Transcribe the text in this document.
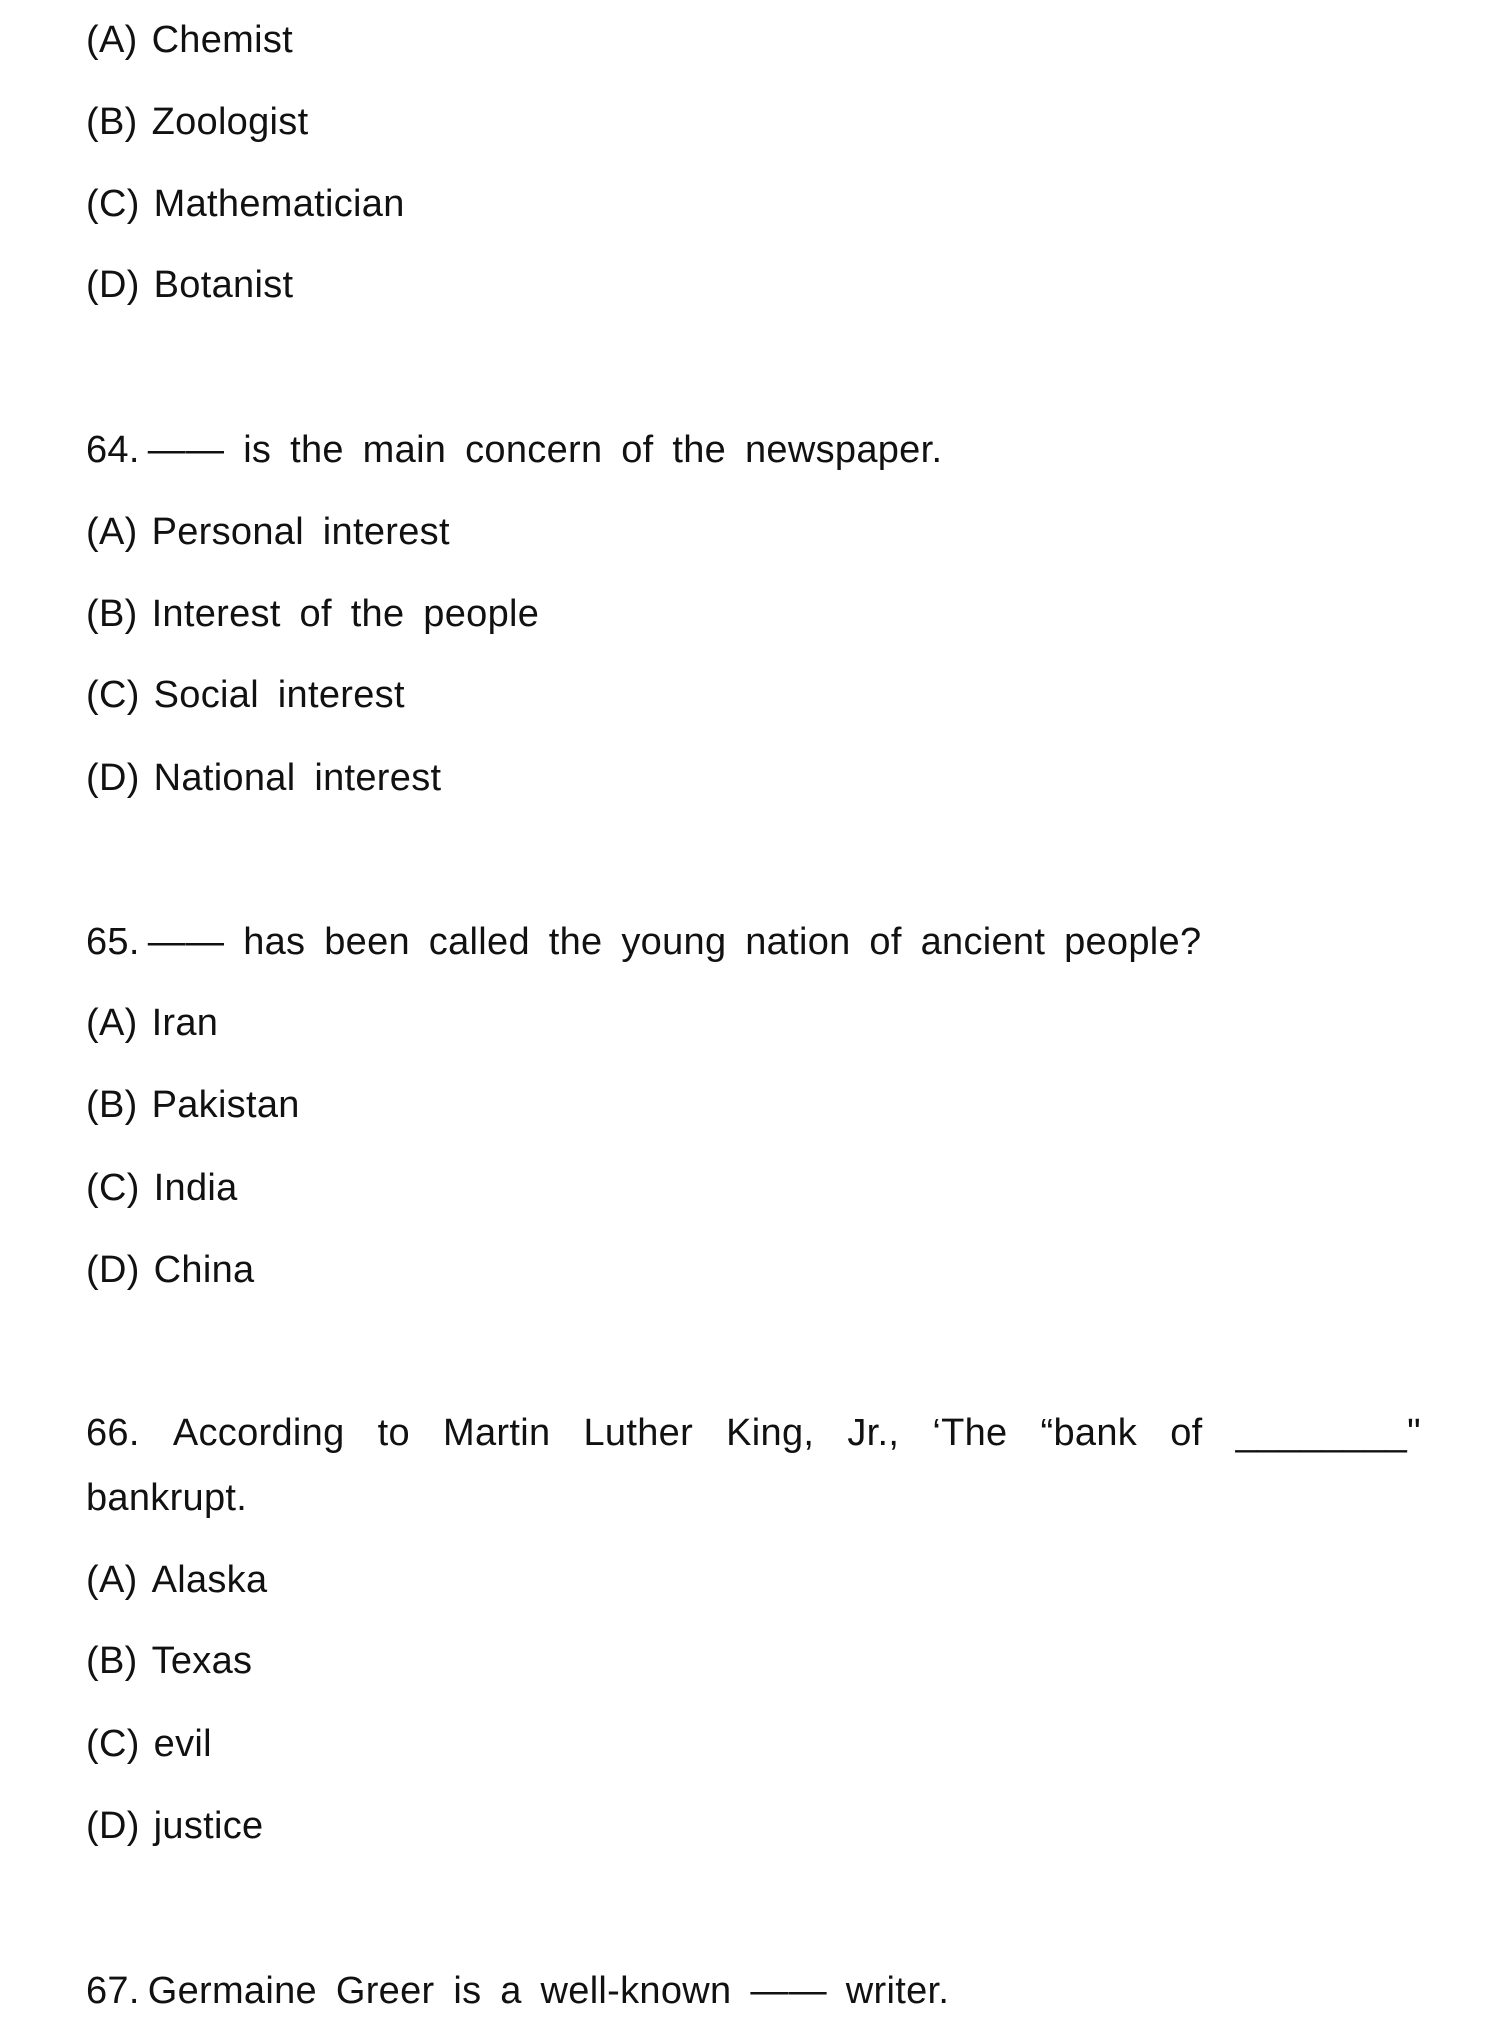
(A) Chemist
(B) Zoologist
(C) Mathematician
(D) Botanist
64. —— is the main concern of the newspaper.
(A) Personal interest
(B) Interest of the people
(C) Social interest
(D) National interest
65. —— has been called the young nation of ancient people?
(A) Iran
(B) Pakistan
(C) India
(D) China
66. According to Martin Luther King, Jr., ‘The “bank of ________"
bankrupt.
(A) Alaska
(B) Texas
(C) evil
(D) justice
67. Germaine Greer is a well-known —— writer.
